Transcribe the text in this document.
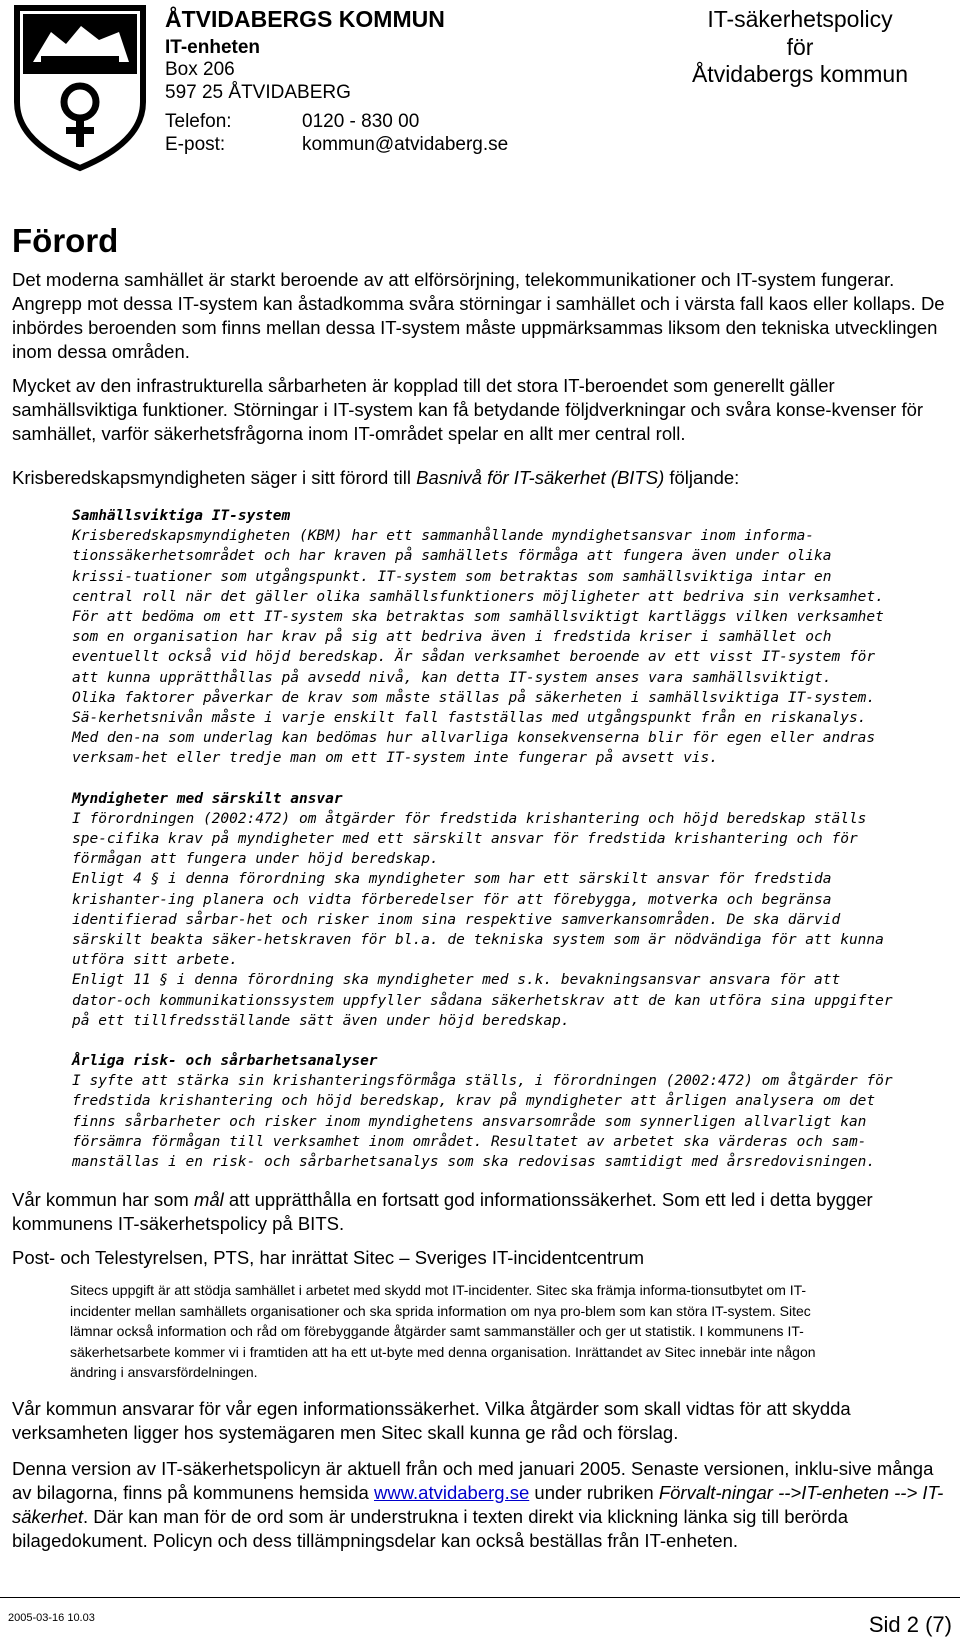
ÅTVIDABERGS KOMMUN
IT-enheten
Box 206
597 25 ÅTVIDABERG
Telefon:	0120 - 830 00
E-post:	kommun@atvidaberg.se
IT-säkerhetspolicy
för
Åtvidabergs kommun
Förord

Det moderna samhället är starkt beroende av att elförsörjning, telekommunikationer och IT-system fungerar. Angrepp mot dessa IT-system kan åstadkomma svåra störningar i samhället och i värsta fall kaos eller kollaps. De inbördes beroenden som finns mellan dessa IT-system måste uppmärksammas liksom den tekniska utvecklingen inom dessa områden.

Mycket av den infrastrukturella sårbarheten är kopplad till det stora IT-beroendet som generellt gäller samhällsviktiga funktioner. Störningar i IT-system kan få betydande följdverkningar och svåra konse-kvenser för samhället, varför säkerhetsfrågorna inom IT-området spelar en allt mer central roll.

Krisberedskapsmyndigheten säger i sitt förord till Basnivå för IT-säkerhet (BITS) följande:

Samhällsviktiga IT-system
Krisberedskapsmyndigheten (KBM) har ett sammanhållande myndighetsansvar inom informa-tionssäkerhetsområdet och har kraven på samhällets förmåga att fungera även under olika krissi-tuationer som utgångspunkt. IT-system som betraktas som samhällsviktiga intar en central roll när det gäller olika samhällsfunktioners möjligheter att bedriva sin verksamhet.
För att bedöma om ett IT-system ska betraktas som samhällsviktigt kartläggs vilken verksamhet som en organisation har krav på sig att bedriva även i fredstida kriser i samhället och eventuellt också vid höjd beredskap. Är sådan verksamhet beroende av ett visst IT-system för att kunna upprätthållas på avsedd nivå, kan detta IT-system anses vara samhällsviktigt.
Olika faktorer påverkar de krav som måste ställas på säkerheten i samhällsviktiga IT-system. Sä-kerhetsnivån måste i varje enskilt fall fastställas med utgångspunkt från en riskanalys. Med den-na som underlag kan bedömas hur allvarliga konsekvenserna blir för egen eller andras verksam-het eller tredje man om ett IT-system inte fungerar på avsett vis.
Myndigheter med särskilt ansvar
I förordningen (2002:472) om åtgärder för fredstida krishantering och höjd beredskap ställs spe-cifika krav på myndigheter med ett särskilt ansvar för fredstida krishantering och för förmågan att fungera under höjd beredskap.
Enligt 4 § i denna förordning ska myndigheter som har ett särskilt ansvar för fredstida krishanter-ing planera och vidta förberedelser för att förebygga, motverka och begränsa identifierad sårbar-het och risker inom sina respektive samverkansområden. De ska därvid särskilt beakta säker-hetskraven för bl.a. de tekniska system som är nödvändiga för att kunna utföra sitt arbete.
Enligt 11 § i denna förordning ska myndigheter med s.k. bevakningsansvar ansvara för att dator-och kommunikationssystem uppfyller sådana säkerhetskrav att de kan utföra sina uppgifter på ett tillfredsställande sätt även under höjd beredskap.
Årliga risk- och sårbarhetsanalyser
I syfte att stärka sin krishanteringsförmåga ställs, i förordningen (2002:472) om åtgärder för fredstida krishantering och höjd beredskap, krav på myndigheter att årligen analysera om det finns sårbarheter och risker inom myndighetens ansvarsområde som synnerligen allvarligt kan försämra förmågan till verksamhet inom området. Resultatet av arbetet ska värderas och sam-manställas i en risk- och sårbarhetsanalys som ska redovisas samtidigt med årsredovisningen.

Vår kommun har som mål att upprätthålla en fortsatt god informationssäkerhet. Som ett led i detta bygger kommunens IT-säkerhetspolicy på BITS.

Post- och Telestyrelsen, PTS, har inrättat Sitec – Sveriges IT-incidentcentrum

Sitecs uppgift är att stödja samhället i arbetet med skydd mot IT-incidenter. Sitec ska främja informa-tionsutbytet om IT-incidenter mellan samhällets organisationer och ska sprida information om nya pro-blem som kan störa IT-system. Sitec lämnar också information och råd om förebyggande åtgärder samt sammanställer och ger ut statistik. I kommunens IT-säkerhetsarbete kommer vi i framtiden att ha ett ut-byte med denna organisation. Inrättandet av Sitec innebär inte någon ändring i ansvarsfördelningen.

Vår kommun ansvarar för vår egen informationssäkerhet. Vilka åtgärder som skall vidtas för att skydda verksamheten ligger hos systemägaren men Sitec skall kunna ge råd och förslag.

Denna version av IT-säkerhetspolicyn är aktuell från och med januari 2005. Senaste versionen, inklu-sive många av bilagorna, finns på kommunens hemsida www.atvidaberg.se under rubriken Förvalt-ningar -->IT-enheten --> IT-säkerhet. Där kan man för de ord som är understrukna i texten direkt via klickning länka sig till berörda bilagedokument. Policyn och dess tillämpningsdelar kan också beställas från IT-enheten.

2005-03-16 10.03	Sid 2 (7)
